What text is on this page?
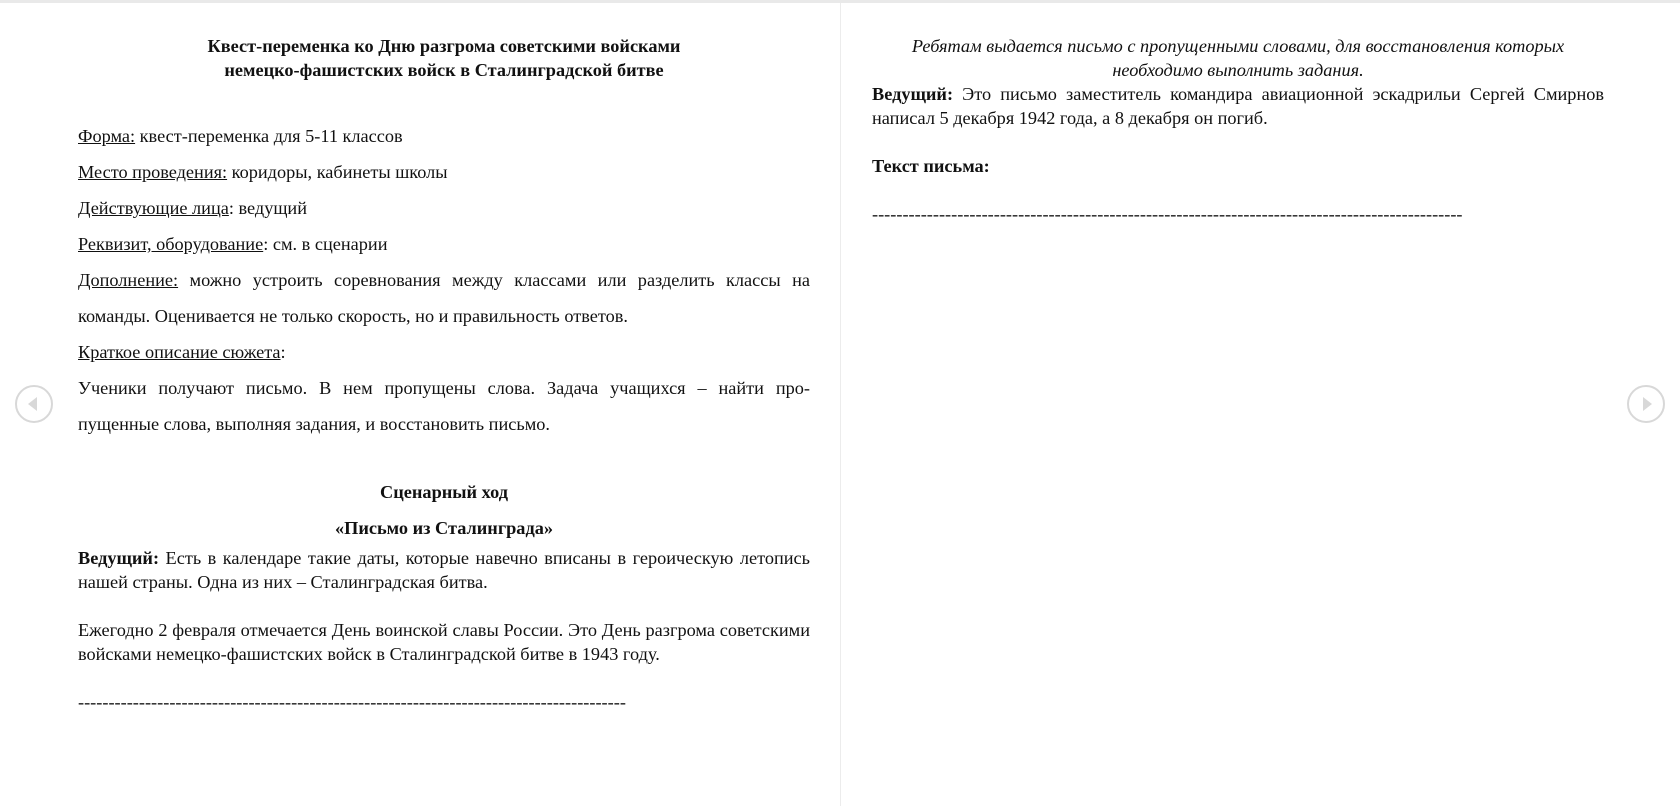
Квест-переменка ко Дню разгрома советскими войсками

немецко-фашистских войск в Сталинградской битве

Форма: квест-переменка для 5-11 классов

Место проведения: коридоры, кабинеты школы

Действующие лица: ведущий

Реквизит, оборудование: см. в сценарии

Дополнение: можно устроить соревнования между классами или разделить классы на команды. Оценивается не только скорость, но и правильность ответов.

Краткое описание сюжета:

Ученики получают письмо. В нем пропущены слова. Задача учащихся – найти про-пущенные слова, выполняя задания, и восстановить письмо.

Сценарный ход

«Письмо из Сталинграда»

Ведущий: Есть в календаре такие даты, которые навечно вписаны в героическую летопись нашей страны. Одна из них – Сталинградская битва.

Ежегодно 2 февраля отмечается День воинской славы России. Это День разгрома советскими войсками немецко-фашистских войск в Сталинградской битве в 1943 году.

------------------------------------------------------------------------------------------

Ребятам выдается письмо с пропущенными словами, для восстановления которых необходимо выполнить задания.

Ведущий: Это письмо заместитель командира авиационной эскадрильи Сергей Смирнов написал 5 декабря 1942 года, а 8 декабря он погиб.

Текст письма:

-------------------------------------------------------------------------------------------------
